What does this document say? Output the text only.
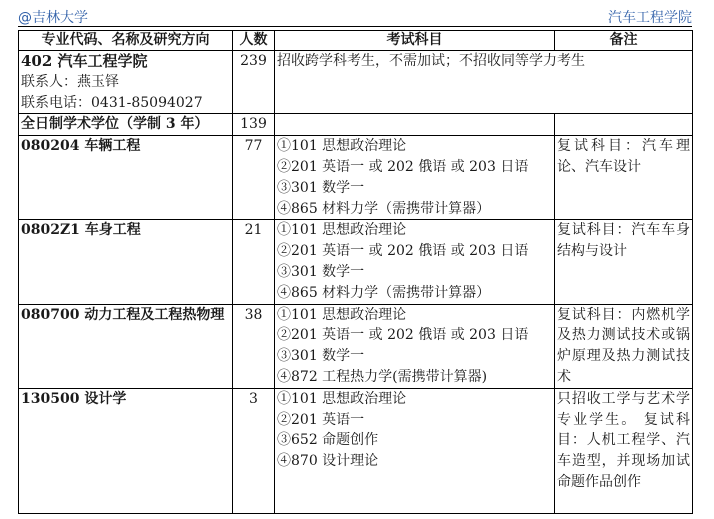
@吉林大学	汽车工程学院
专业代码、名称及研究方向	人数	考试科目	备注

402 汽车工程学院
联系人：燕玉铎
联系电话：0431-85094027	239	招收跨学科考生，不需加试；不招收同等学力考生	
全日制学术学位（学制 3 年）	139		
080204 车辆工程	77	①101 思想政治理论
②201 英语一 或 202 俄语 或 203 日语
③301 数学一
④865 材料力学（需携带计算器）	复试科目：汽车理论、汽车设计
0802Z1 车身工程	21	①101 思想政治理论
②201 英语一 或 202 俄语 或 203 日语
③301 数学一
④865 材料力学（需携带计算器）	复试科目：汽车车身结构与设计
080700 动力工程及工程热物理	38	①101 思想政治理论
②201 英语一 或 202 俄语 或 203 日语
③301 数学一
④872 工程热力学(需携带计算器)	复试科目：内燃机学及热力测试技术或锅炉原理及热力测试技术
130500 设计学	3	①101 思想政治理论
②201 英语一
③652 命题创作
④870 设计理论	只招收工学与艺术学专业学生。 复试科目：人机工程学、汽车造型，并现场加试命题作品创作
